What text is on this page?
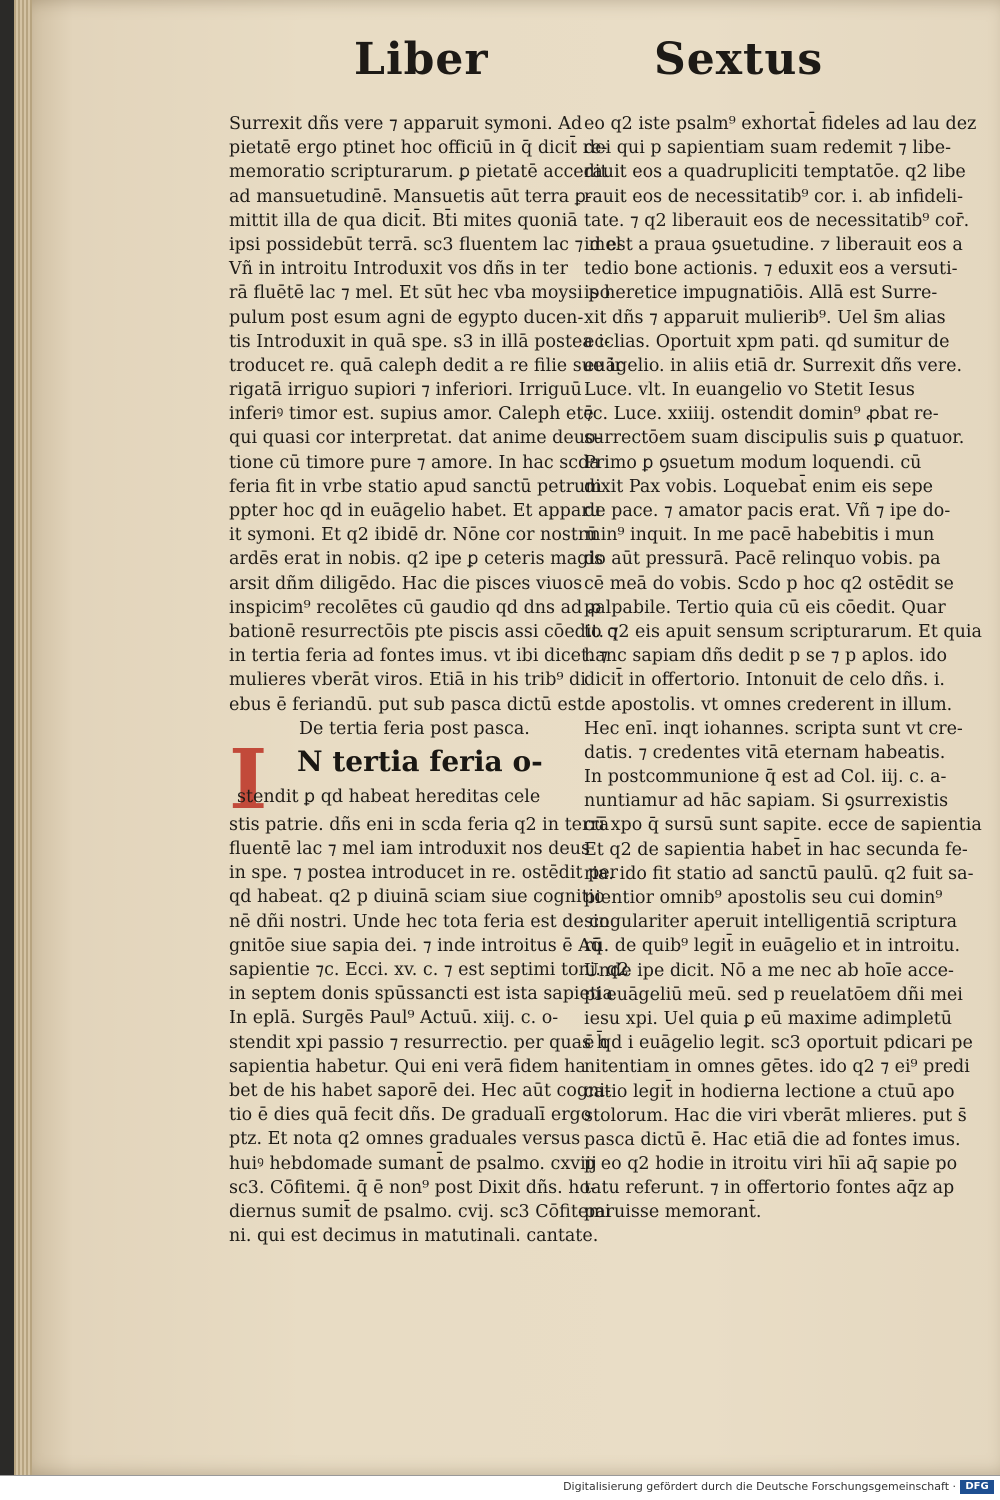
Liber	Sextus
Surrexit dñs vere ⁊ apparuit symoni. Ad
pietatē ergo ptinet hoc officiū in q̄ dicit̄ re-
memoratio scripturarum. ꝑ pietatē accedit
ad mansuetudinē. Mansuetis aūt terra ꝑ-
mittit illa de qua dicit̄. Bt̄i mites quoniā
ipsi possidebūt terrā. sc3 fluentem lac ⁊ mel
Vñ in introitu Introduxit vos dñs in ter
rā fluētē lac ⁊ mel. Et sūt hec vba moysi po
pulum post esum agni de egypto ducen-
tis Introduxit in quā spe. s3 in illā postea i-
troducet re. quā caleph dedit a re filie sue ir
rigatā irriguo supiori ⁊ inferiori. Irriguū
inferiꝰ timor est. supius amor. Caleph etē
qui quasi cor interpretat. dat anime deuo-
tione cū timore pure ⁊ amore. In hac scda
feria fit in vrbe statio apud sanctū petrum
ppter hoc qd in euāgelio habet. Et apparu
it symoni. Et q2 ibidē dr. Nōne cor nostrū
ardēs erat in nobis. q2 ipe ꝑ ceteris magis
arsit dñm diligēdo. Hac die pisces viuos
inspicim⁹ recolētes cū gaudio qd dns ad ꝓ
bationē resurrectōis pte piscis assi cōedit. ⁊
in tertia feria ad fontes imus. vt ibi dicet. ⁊
mulieres vberāt viros. Etiā in his trib⁹ di
ebus ē feriandū. put sub pasca dictū est.
De tertia feria post pasca.
I	N tertia feria o-
stendit ꝑ qd habeat hereditas cele
stis patrie. dñs eni in scda feria q2 in terrā
fluentē lac ⁊ mel iam introduxit nos deus
in spe. ⁊ postea introducet in re. ostēdit per
qd habeat. q2 p diuinā sciam siue cognitio
nē dñi nostri. Unde hec tota feria est de co
gnitōe siue sapia dei. ⁊ inde introitus ē Aq̄
sapientie ⁊c. Ecci. xv. c. ⁊ est septimi toni. q2
in septem donis spūssancti est ista sapietia
In eplā. Surgēs Paul⁹ Actuū. xiij. c. o-
stendit xpi passio ⁊ resurrectio. per quas h̄
sapientia habetur. Qui eni verā fidem ha
bet de his habet saporē dei. Hec aūt cogni-
tio ē dies quā fecit dñs. De gradualī ergo
ptz. Et nota q2 omnes graduales versus
huiꝰ hebdomade sumant̄ de psalmo. cxviij
sc3. Cōfitemi. q̄ ē non⁹ post Dixit dñs. ho-
diernus sumit̄ de psalmo. cvij. sc3 Cōfitemi
ni. qui est decimus in matutinali. cantate.
eo q2 iste psalm⁹ exhortat̄ fideles ad lau dez
dei qui p sapientiam suam redemit ⁊ libe-
rauit eos a quadrupliciti temptatōe. q2 libe
rauit eos de necessitatib⁹ cor. i. ab infideli-
tate. ⁊ q2 liberauit eos de necessitatib⁹ cor̄.
id est a praua ꝯsuetudine. ⁊ liberauit eos a
tedio bone actionis. ⁊ eduxit eos a versuti-
is heretice impugnatiōis. Allā est Surre-
xit dñs ⁊ apparuit mulierib⁹. Uel s̄m alias
ecclias. Oportuit xpm pati. qd sumitur de
euāgelio. in aliis etiā dr. Surrexit dñs vere.
Luce. vlt. In euangelio vo Stetit Iesus
⁊c. Luce. xxiiij. ostendit domin⁹ ꝓbat re-
surrectōem suam discipulis suis ꝑ quatuor.
Primo ꝑ ꝯsuetum modum loquendi. cū
dixit Pax vobis. Loquebat̄ enim eis sepe
de pace. ⁊ amator pacis erat. Vñ ⁊ ipe do-
min⁹ inquit. In me pacē habebitis i mun
do aūt pressurā. Pacē relinquo vobis. pa
cē meā do vobis. Scdo p hoc q2 ostēdit se
palpabile. Tertio quia cū eis cōedit. Quar
to q2 eis apuit sensum scripturarum. Et quia
hanc sapiam dñs dedit p se ⁊ p aplos. ido
dicit̄ in offertorio. Intonuit de celo dñs. i.
de apostolis. vt omnes crederent in illum.
Hec enī. inqt iohannes. scripta sunt vt cre-
datis. ⁊ credentes vitā eternam habeatis.
In postcommunione q̄ est ad Col. iij. c. a-
nuntiamur ad hāc sapiam. Si ꝯsurrexistis
cū xpo q̄ sursū sunt sapite. ecce de sapientia
Et q2 de sapientia habet̄ in hac secunda fe-
ria. ido fit statio ad sanctū paulū. q2 fuit sa-
pientior omnib⁹ apostolis seu cui domin⁹
singulariter aperuit intelligentiā scriptura
rū. de quib⁹ legit̄ in euāgelio et in introitu.
Unde ipe dicit. Nō a me nec ab hoīe acce-
pi euāgeliū meū. sed p reuelatōem dñi mei
iesu xpi. Uel quia ꝑ eū maxime adimpletū
ē qd i euāgelio legit. sc3 oportuit pdicari pe
nitentiam in omnes gētes. ido q2 ⁊ ei⁹ predi
catio legit̄ in hodierna lectione a ctuū apo
stolorum. Hac die viri vberāt mlieres. put s̄
pasca dictū ē. Hac etiā die ad fontes imus.
p eo q2 hodie in itroitu viri hīi aq̄ sapie po
tatu referunt. ⁊ in offertorio fontes aq̄z ap
paruisse memorant̄.
Digitalisierung gefördert durch die Deutsche Forschungsgemeinschaft · DFG
